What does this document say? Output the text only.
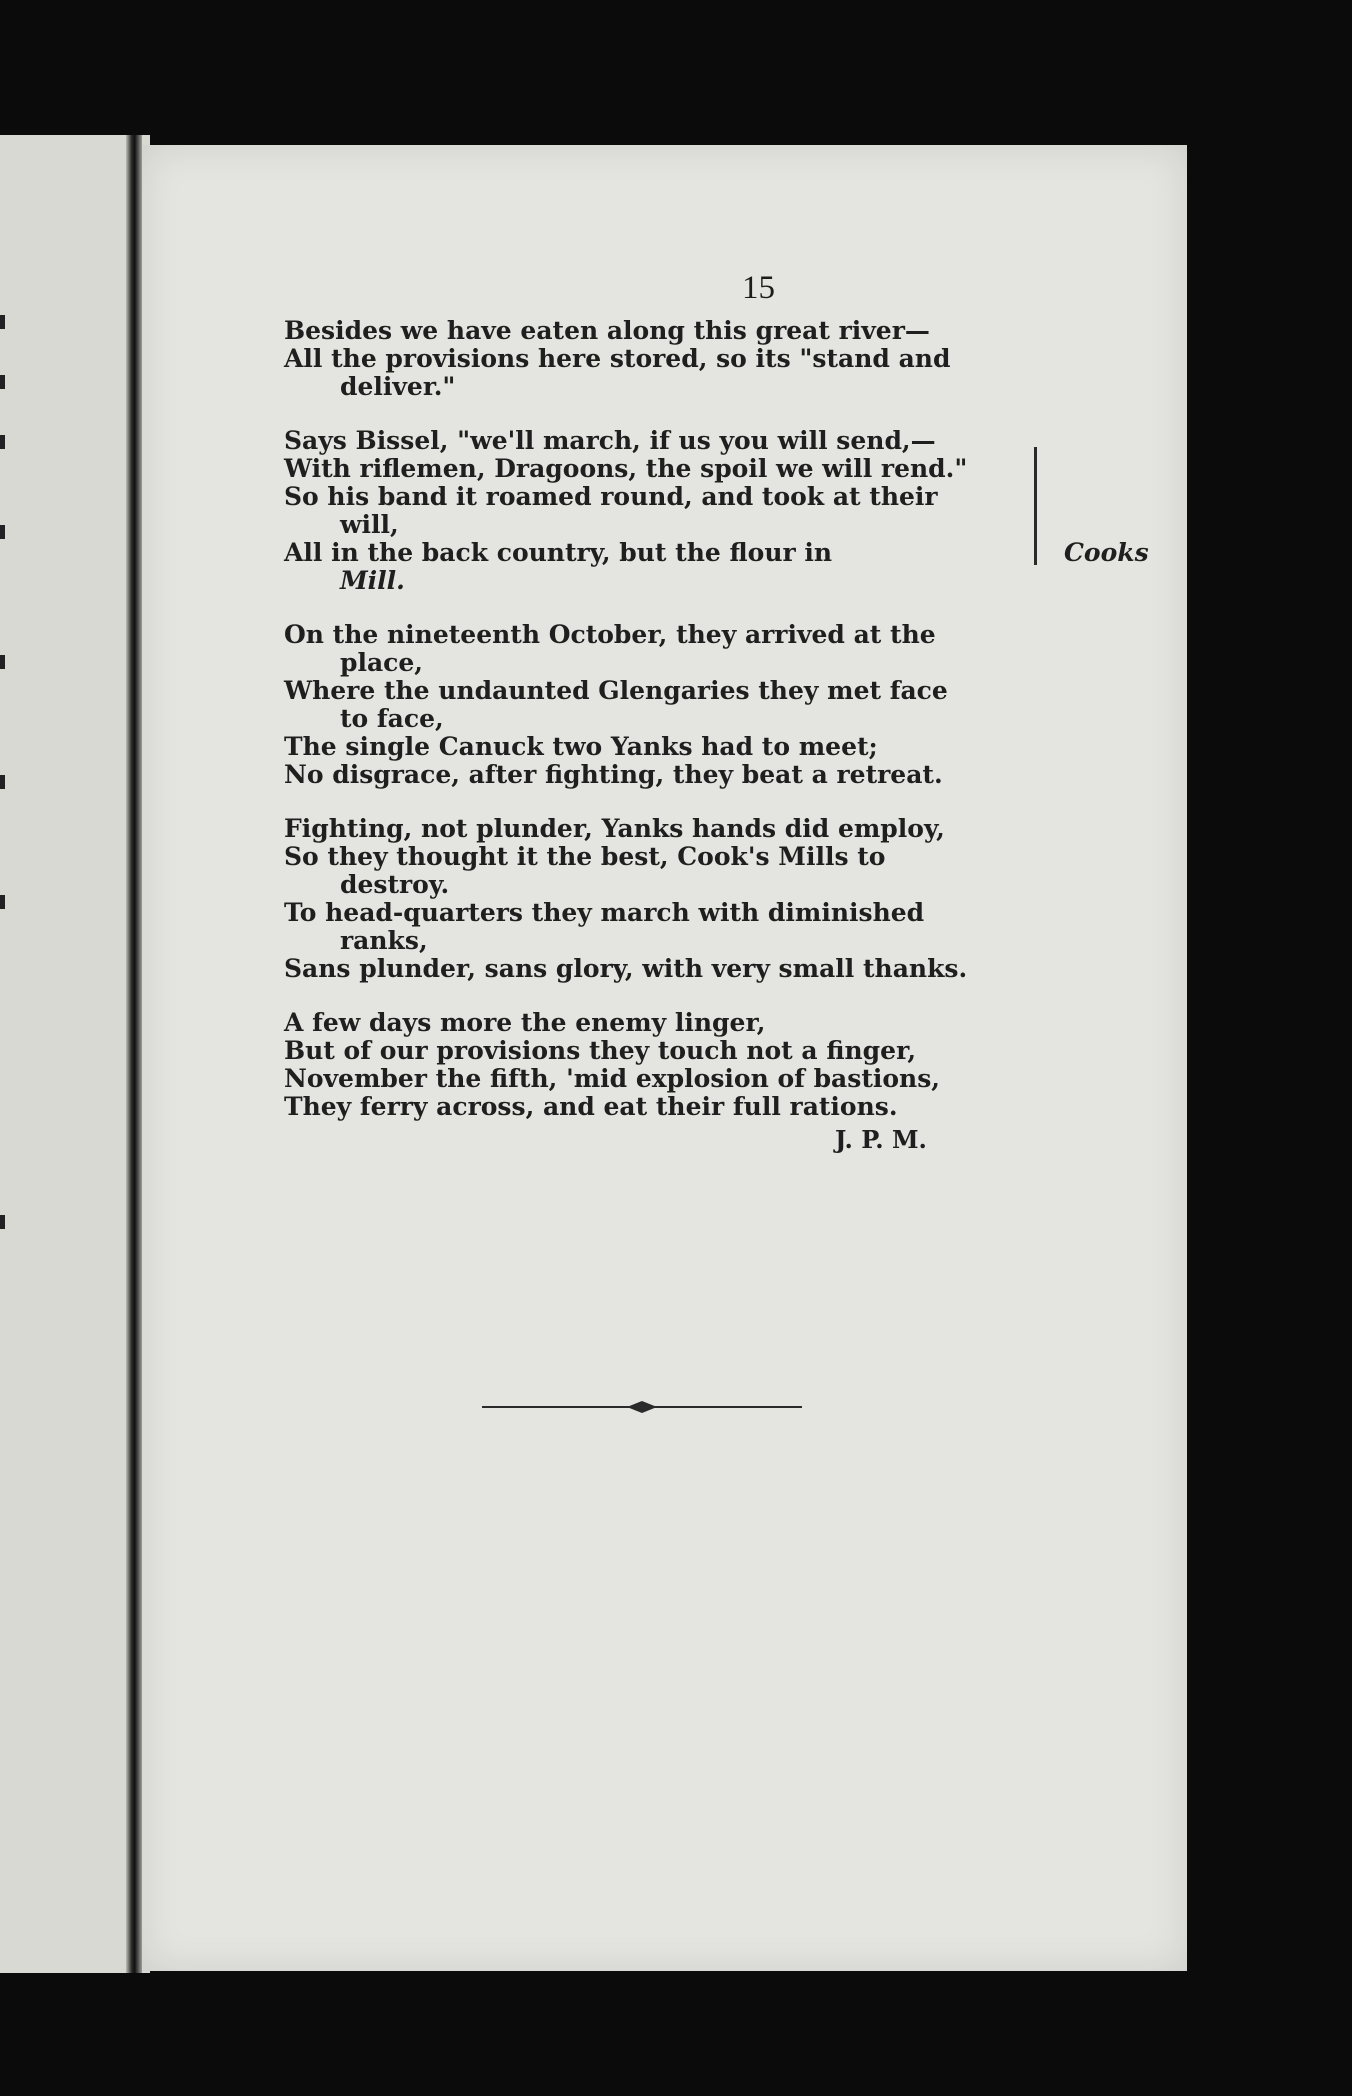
15
Besides we have eaten along this great river—
All the provisions here stored, so its "stand and
deliver."
Says Bissel, "we'll march, if us you will send,—
With riflemen, Dragoons, the spoil we will rend."
So his band it roamed round, and took at their
will,
All in the back country, but the flour in	Cooks
Mill.
On the nineteenth October, they arrived at the
place,
Where the undaunted Glengaries they met face
to face,
The single Canuck two Yanks had to meet;
No disgrace, after fighting, they beat a retreat.
Fighting, not plunder, Yanks hands did employ,
So they thought it the best, Cook's Mills to
destroy.
To head-quarters they march with diminished
ranks,
Sans plunder, sans glory, with very small thanks.
A few days more the enemy linger,
But of our provisions they touch not a finger,
November the fifth, 'mid explosion of bastions,
They ferry across, and eat their full rations.
J. P. M.
